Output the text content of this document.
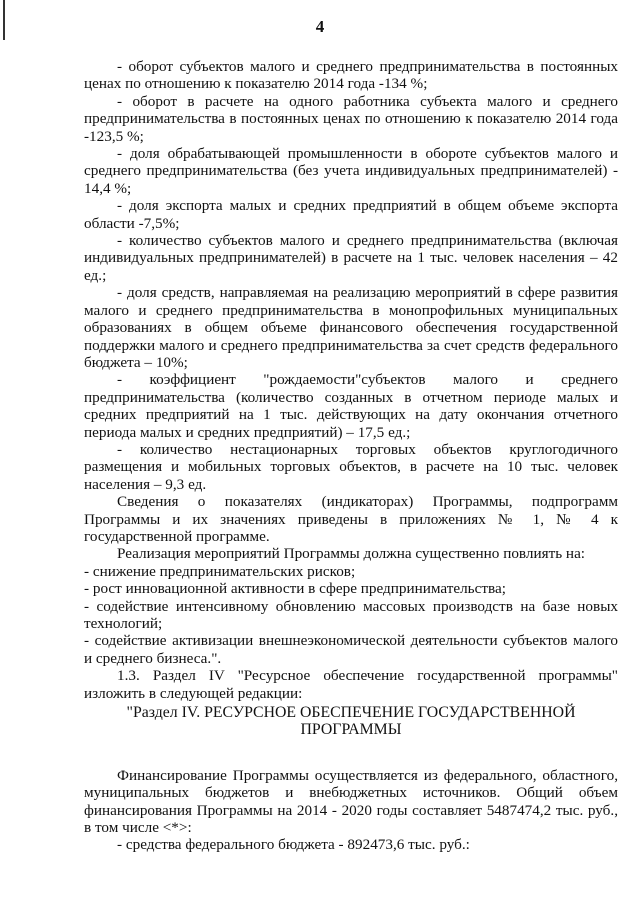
4

- оборот субъектов малого и среднего предпринимательства в постоянных ценах по отношению к показателю 2014 года -134 %;

- оборот в расчете на одного работника субъекта малого и среднего предпринимательства в постоянных ценах по отношению к показателю 2014 года -123,5 %;

- доля обрабатывающей промышленности в обороте субъектов малого и среднего предпринимательства (без учета индивидуальных предпринимателей) - 14,4 %;

- доля экспорта малых и средних предприятий в общем объеме экспорта области -7,5%;

- количество субъектов малого и среднего предпринимательства (включая индивидуальных предпринимателей) в расчете на 1 тыс. человек населения – 42 ед.;

- доля средств, направляемая на реализацию мероприятий в сфере развития малого и среднего предпринимательства в монопрофильных муниципальных образованиях в общем объеме финансового обеспечения государственной поддержки малого и среднего предпринимательства за счет средств федерального бюджета – 10%;

- коэффициент "рождаемости"субъектов малого и среднего предпринимательства (количество созданных в отчетном периоде малых и средних предприятий на 1 тыс. действующих на дату окончания отчетного периода малых и средних предприятий) – 17,5 ед.;

- количество нестационарных торговых объектов круглогодичного размещения и мобильных торговых объектов, в расчете на 10 тыс. человек населения – 9,3 ед.

Сведения о показателях (индикаторах) Программы, подпрограмм Программы и их значениях приведены в приложениях № 1, № 4 к государственной программе.

Реализация мероприятий Программы должна существенно повлиять на:

- снижение предпринимательских рисков;

- рост инновационной активности в сфере предпринимательства;

- содействие интенсивному обновлению массовых производств на базе новых технологий;

- содействие активизации внешнеэкономической деятельности субъектов малого и среднего бизнеса.".

1.3. Раздел IV "Ресурсное обеспечение государственной программы" изложить в следующей редакции:

"Раздел IV. РЕСУРСНОЕ ОБЕСПЕЧЕНИЕ ГОСУДАРСТВЕННОЙ ПРОГРАММЫ

Финансирование Программы осуществляется из федерального, областного, муниципальных бюджетов и внебюджетных источников. Общий объем финансирования Программы на 2014 - 2020 годы составляет 5487474,2 тыс. руб., в том числе <*>:

- средства федерального бюджета - 892473,6 тыс. руб.:
